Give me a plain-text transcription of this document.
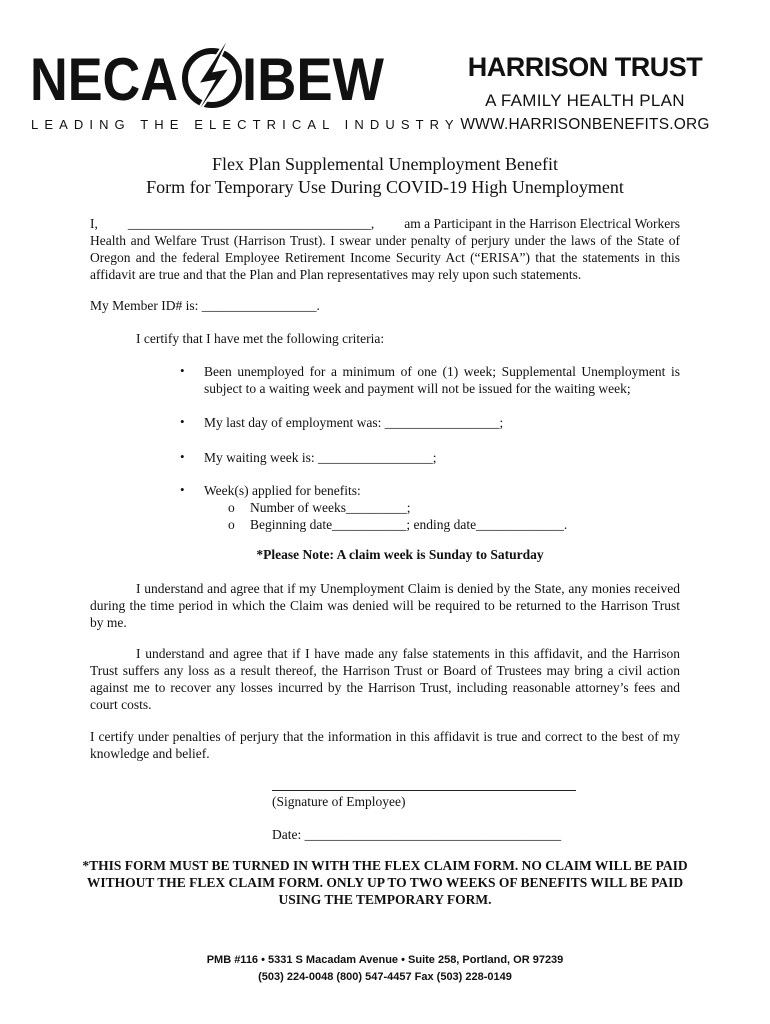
NECA IBEW
LEADING THE ELECTRICAL INDUSTRY
HARRISON TRUST
A FAMILY HEALTH PLAN
WWW.HARRISONBENEFITS.ORG
Flex Plan Supplemental Unemployment Benefit
Form for Temporary Use During COVID-19 High Unemployment
I, ____________________________________, am a Participant in the Harrison Electrical Workers
Health and Welfare Trust (Harrison Trust). I swear under penalty of perjury under the laws of the State of Oregon and the federal Employee Retirement Income Security Act (“ERISA”) that the statements in this affidavit are true and that the Plan and Plan representatives may rely upon such statements.
My Member ID# is: _________________.
I certify that I have met the following criteria:
•	Been unemployed for a minimum of one (1) week; Supplemental Unemployment is subject to a waiting week and payment will not be issued for the waiting week;
•	My last day of employment was: _________________;
•	My waiting week is: _________________;
•	Week(s) applied for benefits:
o	Number of weeks_________;
o	Beginning date___________; ending date_____________.
*Please Note: A claim week is Sunday to Saturday
I understand and agree that if my Unemployment Claim is denied by the State, any monies received during the time period in which the Claim was denied will be required to be returned to the Harrison Trust by me.
I understand and agree that if I have made any false statements in this affidavit, and the Harrison Trust suffers any loss as a result thereof, the Harrison Trust or Board of Trustees may bring a civil action against me to recover any losses incurred by the Harrison Trust, including reasonable attorney’s fees and court costs.
I certify under penalties of perjury that the information in this affidavit is true and correct to the best of my knowledge and belief.
(Signature of Employee)
Date: ______________________________________
*THIS FORM MUST BE TURNED IN WITH THE FLEX CLAIM FORM. NO CLAIM WILL BE PAID WITHOUT THE FLEX CLAIM FORM. ONLY UP TO TWO WEEKS OF BENEFITS WILL BE PAID USING THE TEMPORARY FORM.
PMB #116 • 5331 S Macadam Avenue • Suite 258, Portland, OR 97239
(503) 224-0048 (800) 547-4457 Fax (503) 228-0149
